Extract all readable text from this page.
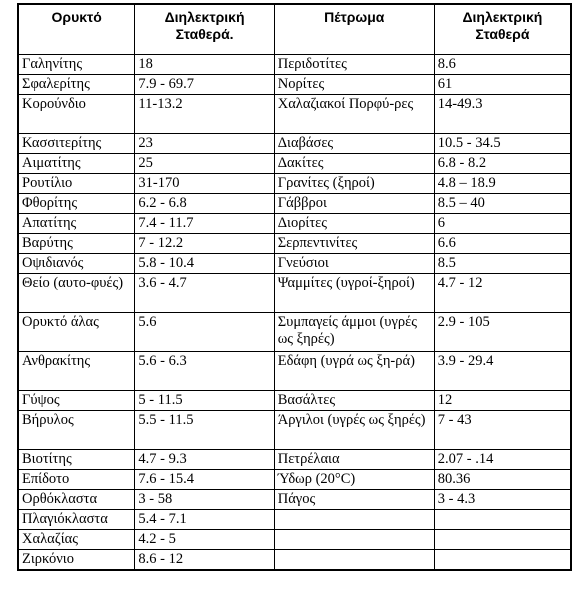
Ορυκτό	Διηλεκτρική Σταθερά.	Πέτρωμα	Διηλεκτρική Σταθερά
Γαληνίτης	18	Περιδοτίτες	8.6
Σφαλερίτης	7.9 - 69.7	Νορίτες	61
Κορούνδιο	11-13.2	Χαλαζιακοί Πορφύ-ρες	14-49.3
Κασσιτερίτης	23	Διαβάσες	10.5 - 34.5
Αιματίτης	25	Δακίτες	6.8 - 8.2
Ρουτίλιο	31-170	Γρανίτες (ξηροί)	4.8 – 18.9
Φθορίτης	6.2 - 6.8	Γάββροι	8.5 – 40
Απατίτης	7.4 - 11.7	Διορίτες	6
Βαρύτης	7 - 12.2	Σερπεντινίτες	6.6
Οψιδιανός	5.8 - 10.4	Γνεύσιοι	8.5
Θείο (αυτο-φυές)	3.6 - 4.7	Ψαμμίτες (υγροί-ξηροί)	4.7 - 12
Ορυκτό άλας	5.6	Συμπαγείς άμμοι (υγρές ως ξηρές)	2.9 - 105
Ανθρακίτης	5.6 - 6.3	Εδάφη (υγρά ως ξη-ρά)	3.9 - 29.4
Γύψος	5 - 11.5	Βασάλτες	12
Βήρυλος	5.5 - 11.5	Άργιλοι (υγρές ως ξηρές)	7 - 43
Βιοτίτης	4.7 - 9.3	Πετρέλαια	2.07 - .14
Επίδοτο	7.6 - 15.4	Ύδωρ (20°C)	80.36
Ορθόκλαστα	3 - 58	Πάγος	3 - 4.3
Πλαγιόκλαστα	5.4 - 7.1		
Χαλαζίας	4.2 - 5		
Ζιρκόνιο	8.6 - 12		
